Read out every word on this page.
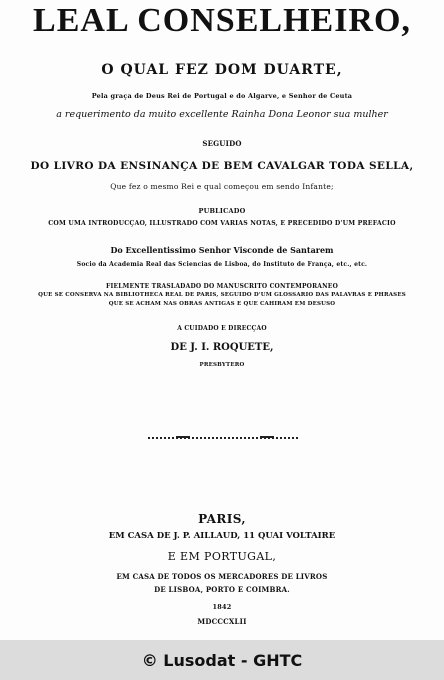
LEAL CONSELHEIRO,
O QUAL FEZ DOM DUARTE,
Pela graça de Deus Rei de Portugal e do Algarve, e Senhor de Ceuta
a requerimento da muito excellente Rainha Dona Leonor sua mulher
SEGUIDO
DO LIVRO DA ENSINANÇA DE BEM CAVALGAR TODA SELLA,
Que fez o mesmo Rei e qual começou em sendo Infante;
PUBLICADO
COM UMA INTRODUCÇÃO, ILLUSTRADO COM VARIAS NOTAS, E PRECEDIDO D'UM PREFACIO
Do Excellentissimo Senhor Visconde de Santarem
Socio da Academia Real das Sciencias de Lisboa, do Instituto de França, etc., etc.
FIELMENTE TRASLADADO DO MANUSCRITO CONTEMPORANEO
QUE SE CONSERVA NA BIBLIOTHECA REAL DE PARIS, SEGUIDO D'UM GLOSSARIO DAS PALAVRAS E PHRASES
QUE SE ACHAM NAS OBRAS ANTIGAS E QUE CAHIRAM EM DESUSO
A CUIDADO E DIRECÇÃO
DE J. I. ROQUÊTE,
PRESBYTERO
PARIS,
EM CASA DE J. P. AILLAUD, 11 QUAI VOLTAIRE
E EM PORTUGAL,
EM CASA DE TODOS OS MERCADORES DE LIVROS
DE LISBOA, PORTO E COIMBRA.
1842
MDCCCXLII
© Lusodat - GHTC
